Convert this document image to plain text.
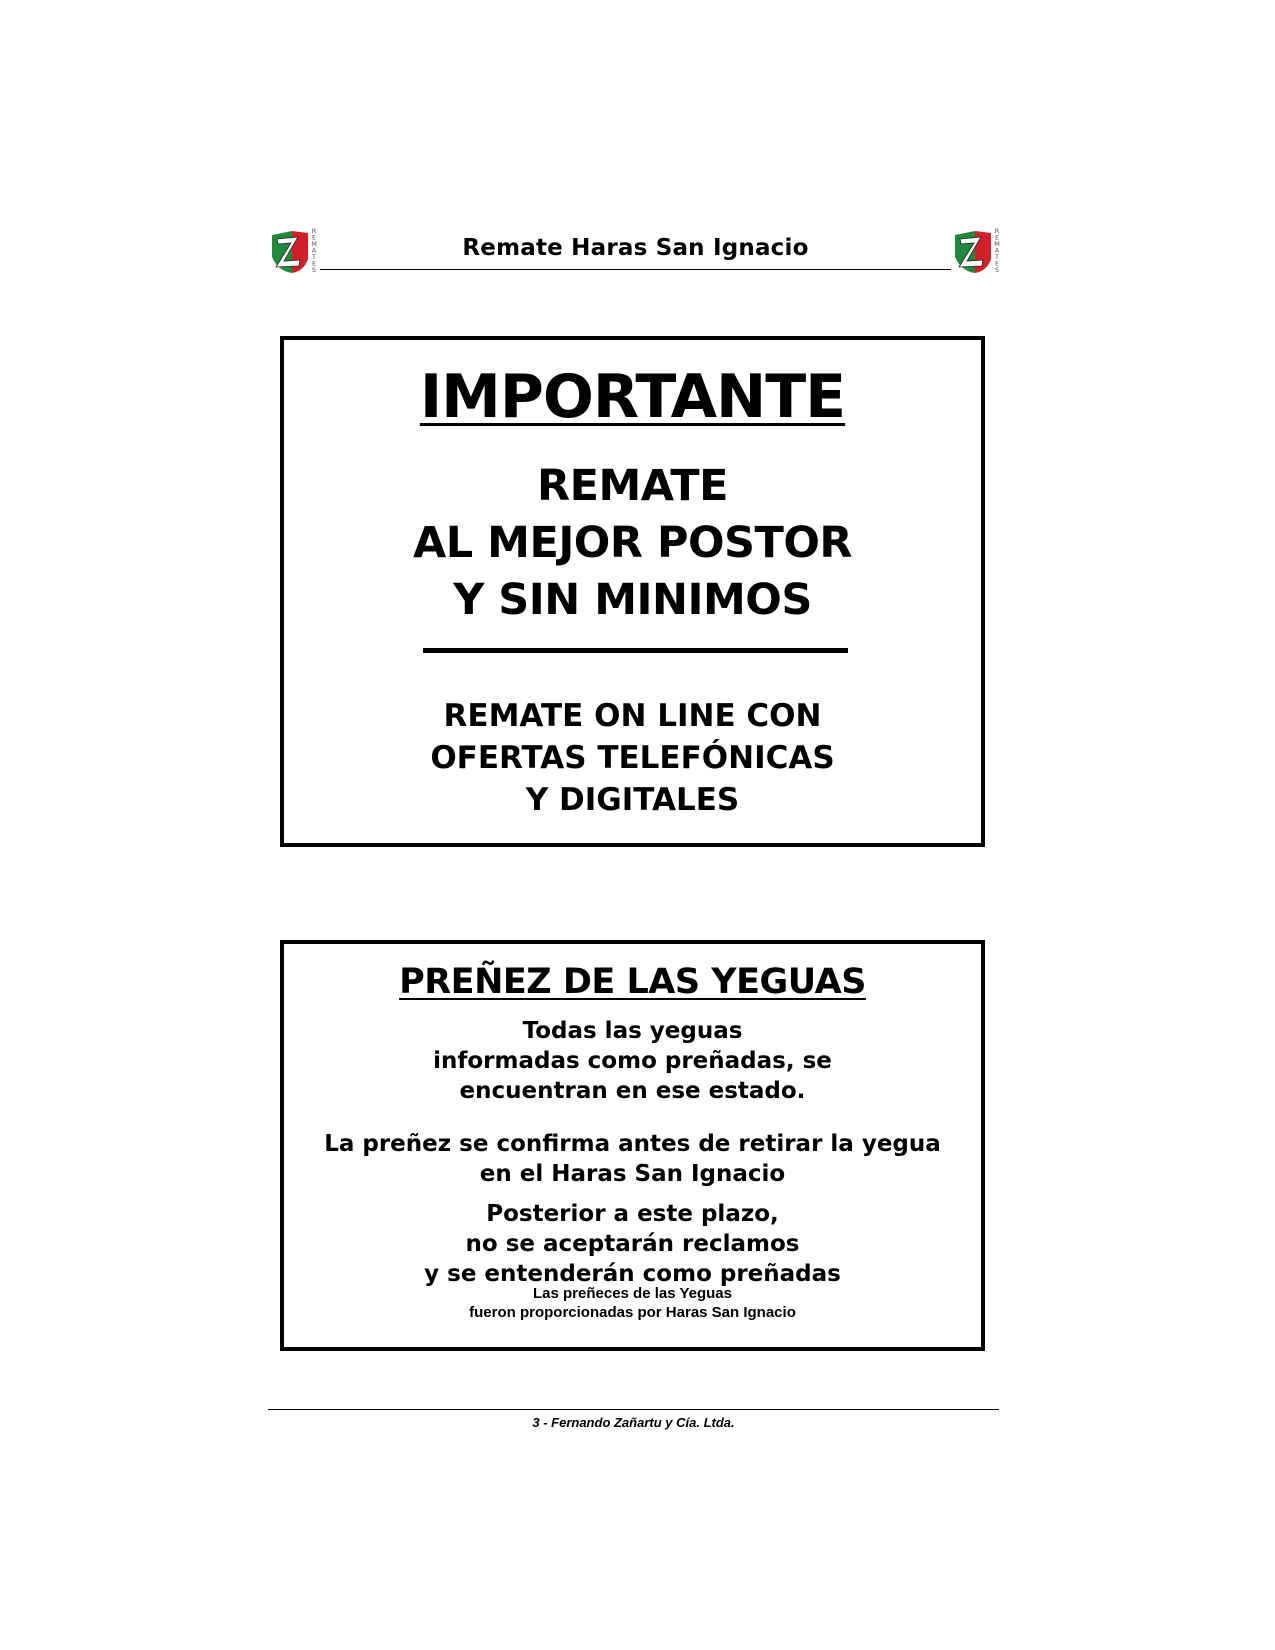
R
E
M
A
T
E
S
Remate Haras San Ignacio
R
E
M
A
T
E
S
IMPORTANTE
REMATE
AL MEJOR POSTOR
Y SIN MINIMOS
REMATE ON LINE CON
OFERTAS TELEFÓNICAS
Y DIGITALES
PREÑEZ DE LAS YEGUAS
Todas las yeguas
informadas como preñadas, se
encuentran en ese estado.
La preñez se confirma antes de retirar la yegua
en el Haras San Ignacio
Posterior a este plazo,
no se aceptarán reclamos
y se entenderán como preñadas
Las preñeces de las Yeguas
fueron proporcionadas por Haras San Ignacio
3 - Fernando Zañartu y Cía. Ltda.
